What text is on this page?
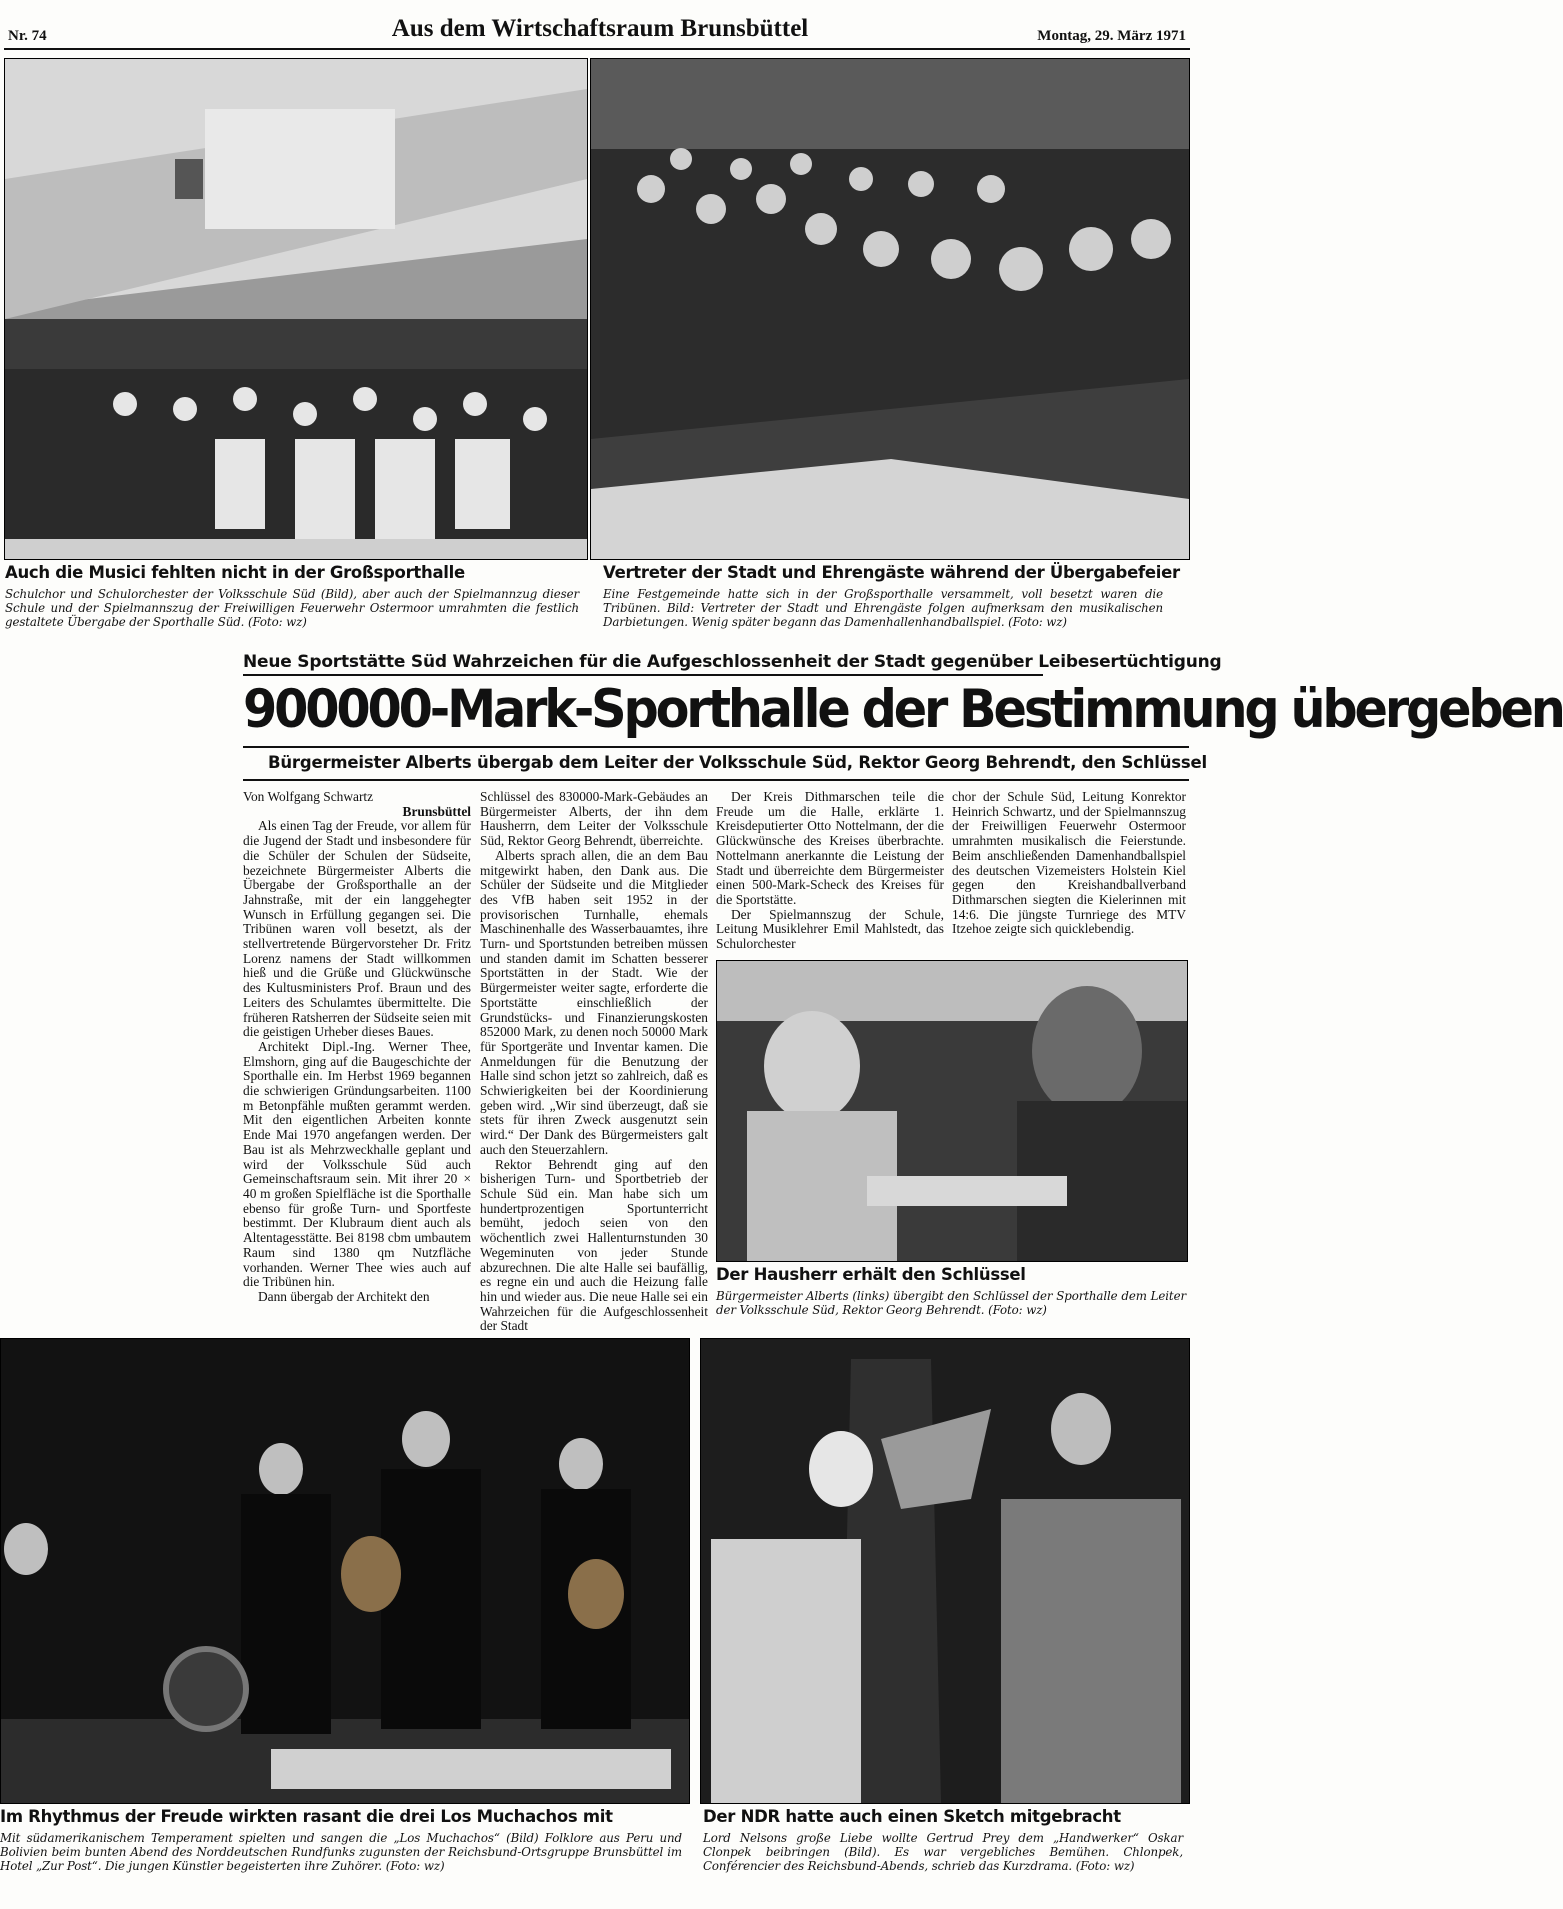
Nr. 74	Aus dem Wirtschaftsraum Brunsbüttel	Montag, 29. März 1971
Auch die Musici fehlten nicht in der Großsporthalle
Schulchor und Schulorchester der Volksschule Süd (Bild), aber auch der Spielmannzug dieser Schule und der Spielmannszug der Freiwilligen Feuerwehr Ostermoor umrahmten die festlich gestaltete Übergabe der Sporthalle Süd. (Foto: wz)
Vertreter der Stadt und Ehrengäste während der Übergabefeier
Eine Festgemeinde hatte sich in der Großsporthalle versammelt, voll besetzt waren die Tribünen. Bild: Vertreter der Stadt und Ehrengäste folgen aufmerksam den musikalischen Darbietungen. Wenig später begann das Damenhallenhandballspiel. (Foto: wz)
Neue Sportstätte Süd Wahrzeichen für die Aufgeschlossenheit der Stadt gegenüber Leibesertüchtigung
900000-Mark-Sporthalle der Bestimmung übergeben
Bürgermeister Alberts übergab dem Leiter der Volksschule Süd, Rektor Georg Behrendt, den Schlüssel

Von Wolfgang Schwartz

Brunsbüttel

Als einen Tag der Freude, vor allem für die Jugend der Stadt und insbesondere für die Schüler der Schulen der Südseite, bezeichnete Bürgermeister Alberts die Übergabe der Großsporthalle an der Jahnstraße, mit der ein langgehegter Wunsch in Erfüllung gegangen sei. Die Tribünen waren voll besetzt, als der stellvertretende Bürgervorsteher Dr. Fritz Lorenz namens der Stadt willkommen hieß und die Grüße und Glückwünsche des Kultusministers Prof. Braun und des Leiters des Schulamtes übermittelte. Die früheren Ratsherren der Südseite seien mit die geistigen Urheber dieses Baues.

Architekt Dipl.-Ing. Werner Thee, Elmshorn, ging auf die Baugeschichte der Sporthalle ein. Im Herbst 1969 begannen die schwierigen Gründungsarbeiten. 1100 m Betonpfähle mußten gerammt werden. Mit den eigentlichen Arbeiten konnte Ende Mai 1970 angefangen werden. Der Bau ist als Mehrzweckhalle geplant und wird der Volksschule Süd auch Gemeinschaftsraum sein. Mit ihrer 20 × 40 m großen Spielfläche ist die Sporthalle ebenso für große Turn- und Sportfeste bestimmt. Der Klubraum dient auch als Altentagesstätte. Bei 8198 cbm umbautem Raum sind 1380 qm Nutzfläche vorhanden. Werner Thee wies auch auf die Tribünen hin.

Dann übergab der Architekt den

Schlüssel des 830000-Mark-Gebäudes an Bürgermeister Alberts, der ihn dem Hausherrn, dem Leiter der Volksschule Süd, Rektor Georg Behrendt, überreichte.

Alberts sprach allen, die an dem Bau mitgewirkt haben, den Dank aus. Die Schüler der Südseite und die Mitglieder des VfB haben seit 1952 in der provisorischen Turnhalle, ehemals Maschinenhalle des Wasserbauamtes, ihre Turn- und Sportstunden betreiben müssen und standen damit im Schatten besserer Sportstätten in der Stadt. Wie der Bürgermeister weiter sagte, erforderte die Sportstätte einschließlich der Grundstücks- und Finanzierungskosten 852000 Mark, zu denen noch 50000 Mark für Sportgeräte und Inventar kamen. Die Anmeldungen für die Benutzung der Halle sind schon jetzt so zahlreich, daß es Schwierigkeiten bei der Koordinierung geben wird. „Wir sind überzeugt, daß sie stets für ihren Zweck ausgenutzt sein wird.“ Der Dank des Bürgermeisters galt auch den Steuerzahlern.

Rektor Behrendt ging auf den bisherigen Turn- und Sportbetrieb der Schule Süd ein. Man habe sich um hundertprozentigen Sportunterricht bemüht, jedoch seien von den wöchentlich zwei Hallenturnstunden 30 Wegeminuten von jeder Stunde abzurechnen. Die alte Halle sei baufällig, es regne ein und auch die Heizung falle hin und wieder aus. Die neue Halle sei ein Wahrzeichen für die Aufgeschlossenheit der Stadt

Der Kreis Dithmarschen teile die Freude um die Halle, erklärte 1. Kreisdeputierter Otto Nottelmann, der die Glückwünsche des Kreises überbrachte. Nottelmann anerkannte die Leistung der Stadt und überreichte dem Bürgermeister einen 500-Mark-Scheck des Kreises für die Sportstätte.

Der Spielmannszug der Schule, Leitung Musiklehrer Emil Mahlstedt, das Schulorchester

chor der Schule Süd, Leitung Konrektor Heinrich Schwartz, und der Spielmannszug der Freiwilligen Feuerwehr Ostermoor umrahmten musikalisch die Feierstunde. Beim anschließenden Damenhandballspiel des deutschen Vizemeisters Holstein Kiel gegen den Kreishandballverband Dithmarschen siegten die Kielerinnen mit 14:6. Die jüngste Turnriege des MTV Itzehoe zeigte sich quicklebendig.

Der Hausherr erhält den Schlüssel
Bürgermeister Alberts (links) übergibt den Schlüssel der Sporthalle dem Leiter der Volksschule Süd, Rektor Georg Behrendt. (Foto: wz)
Im Rhythmus der Freude wirkten rasant die drei Los Muchachos mit
Mit südamerikanischem Temperament spielten und sangen die „Los Muchachos“ (Bild) Folklore aus Peru und Bolivien beim bunten Abend des Norddeutschen Rundfunks zugunsten der Reichsbund-Ortsgruppe Brunsbüttel im Hotel „Zur Post“. Die jungen Künstler begeisterten ihre Zuhörer. (Foto: wz)
Der NDR hatte auch einen Sketch mitgebracht
Lord Nelsons große Liebe wollte Gertrud Prey dem „Handwerker“ Oskar Clonpek beibringen (Bild). Es war vergebliches Bemühen. Chlonpek, Conférencier des Reichsbund-Abends, schrieb das Kurzdrama. (Foto: wz)
